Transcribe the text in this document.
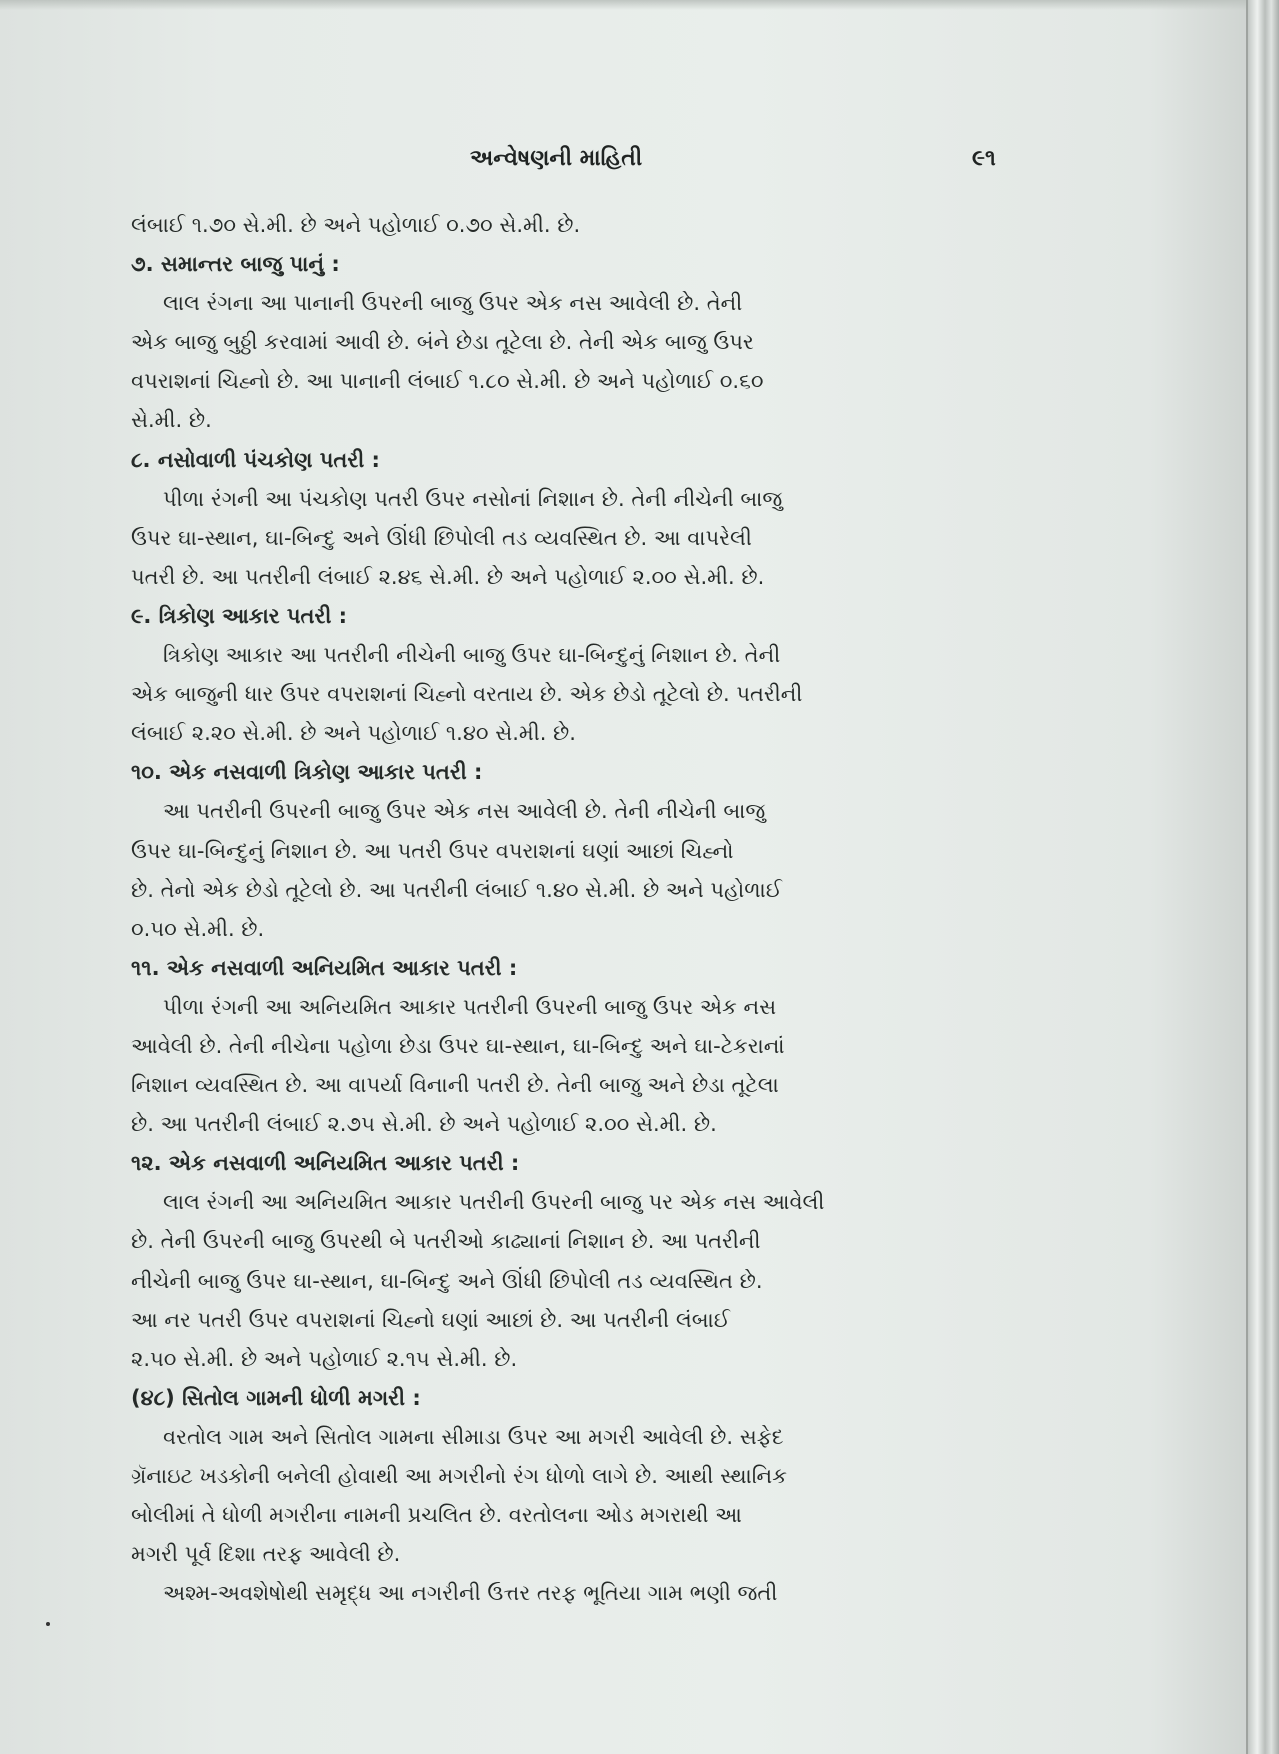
અન્વેષણની માહિતી	૯૧
લંબાઈ ૧.૭૦ સે.મી. છે અને પહોળાઈ ૦.૭૦ સે.મી. છે.
૭. સમાન્તર બાજુ પાનું :
લાલ રંગના આ પાનાની ઉપરની બાજુ ઉપર એક નસ આવેલી છે. તેની
એક બાજુ બુઠ્ઠી કરવામાં આવી છે. બંને છેડા તૂટેલા છે. તેની એક બાજુ ઉપર
વપરાશનાં ચિહ્નો છે. આ પાનાની લંબાઈ ૧.૮૦ સે.મી. છે અને પહોળાઈ ૦.૬૦
સે.મી. છે.
૮. નસોવાળી પંચકોણ પતરી :
પીળા રંગની આ પંચકોણ પતરી ઉપર નસોનાં નિશાન છે. તેની નીચેની બાજુ
ઉપર ઘા-સ્થાન, ઘા-બિન્દુ અને ઊંધી છિપોલી તડ વ્યવસ્થિત છે. આ વાપરેલી
પતરી છે. આ પતરીની લંબાઈ ૨.૪૬ સે.મી. છે અને પહોળાઈ ૨.૦૦ સે.મી. છે.
૯. ત્રિકોણ આકાર પતરી :
ત્રિકોણ આકાર આ પતરીની નીચેની બાજુ ઉપર ઘા-બિન્દુનું નિશાન છે. તેની
એક બાજુની ધાર ઉપર વપરાશનાં ચિહ્નો વરતાય છે. એક છેડો તૂટેલો છે. પતરીની
લંબાઈ ૨.૨૦ સે.મી. છે અને પહોળાઈ ૧.૪૦ સે.મી. છે.
૧૦. એક નસવાળી ત્રિકોણ આકાર પતરી :
આ પતરીની ઉપરની બાજુ ઉપર એક નસ આવેલી છે. તેની નીચેની બાજુ
ઉપર ઘા-બિન્દુનું નિશાન છે. આ પતરી ઉપર વપરાશનાં ઘણાં આછાં ચિહ્નો
છે. તેનો એક છેડો તૂટેલો છે. આ પતરીની લંબાઈ ૧.૪૦ સે.મી. છે અને પહોળાઈ
૦.૫૦ સે.મી. છે.
૧૧. એક નસવાળી અનિયમિત આકાર પતરી :
પીળા રંગની આ અનિયમિત આકાર પતરીની ઉપરની બાજુ ઉપર એક નસ
આવેલી છે. તેની નીચેના પહોળા છેડા ઉપર ઘા-સ્થાન, ઘા-બિન્દુ અને ઘા-ટેકરાનાં
નિશાન વ્યવસ્થિત છે. આ વાપર્યા વિનાની પતરી છે. તેની બાજુ અને છેડા તૂટેલા
છે. આ પતરીની લંબાઈ ૨.૭૫ સે.મી. છે અને પહોળાઈ ૨.૦૦ સે.મી. છે.
૧૨. એક નસવાળી અનિયમિત આકાર પતરી :
લાલ રંગની આ અનિયમિત આકાર પતરીની ઉપરની બાજુ પર એક નસ આવેલી
છે. તેની ઉપરની બાજુ ઉપરથી બે પતરીઓ કાઢ્યાનાં નિશાન છે. આ પતરીની
નીચેની બાજુ ઉપર ઘા-સ્થાન, ઘા-બિન્દુ અને ઊંધી છિપોલી તડ વ્યવસ્થિત છે.
આ નર પતરી ઉપર વપરાશનાં ચિહ્નો ઘણાં આછાં છે. આ પતરીની લંબાઈ
૨.૫૦ સે.મી. છે અને પહોળાઈ ૨.૧૫ સે.મી. છે.
(૪૮) સિતોલ ગામની ધોળી મગરી :
વરતોલ ગામ અને સિતોલ ગામના સીમાડા ઉપર આ મગરી આવેલી છે. સફેદ
ગ્રૅનાઇટ ખડકોની બનેલી હોવાથી આ મગરીનો રંગ ધોળો લાગે છે. આથી સ્થાનિક
બોલીમાં તે ધોળી મગરીના નામની પ્રચલિત છે. વરતોલના ઓડ મગરાથી આ
મગરી પૂર્વ દિશા તરફ આવેલી છે.
અશ્મ-અવશેષોથી સમૃદ્ધ આ નગરીની ઉત્તર તરફ ભૂતિયા ગામ ભણી જતી
